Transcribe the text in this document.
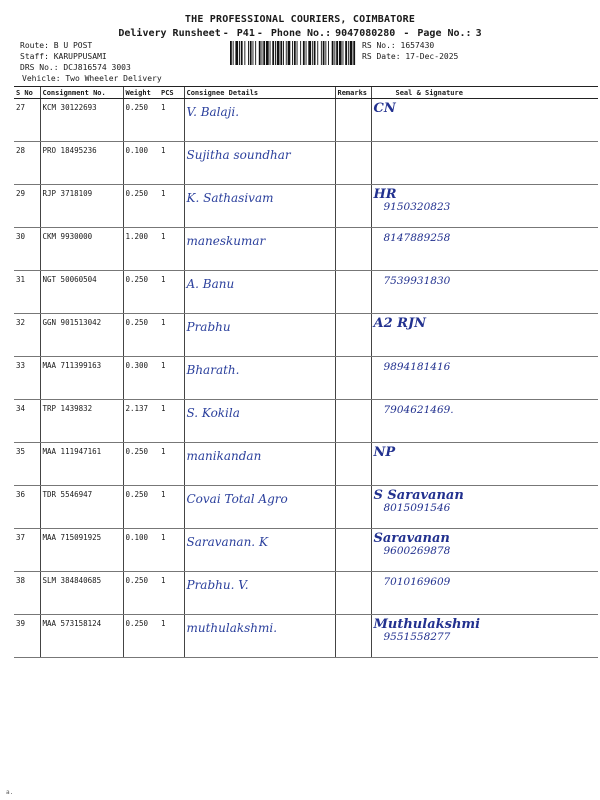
THE PROFESSIONAL COURIERS, COIMBATORE
Delivery Runsheet - P41 - Phone No.: 9047080280 - Page No.: 3
Route: B U POST
Staff: KARUPPUSAMI
DRS No.: DCJ816574 3003
Vehicle: Two Wheeler Delivery
RS No.: 1657430
RS Date: 17-Dec-2025
S No	Consignment No.	Weight	PCS	Consignee Details	Remarks	Seal & Signature
27	KCM 30122693	0.250	1	V. Balaji.		CN

28	PRO 18495236	0.100	1	Sujitha soundhar		

29	RJP 3718109	0.250	1	K. Sathasivam		HR
9150320823

30	CKM 9930000	1.200	1	maneskumar		8147889258

31	NGT 50060504	0.250	1	A. Banu		7539931830

32	GGN 901513042	0.250	1	Prabhu		A2 RJN

33	MAA 711399163	0.300	1	Bharath.		9894181416

34	TRP 1439832	2.137	1	S. Kokila		7904621469.

35	MAA 111947161	0.250	1	manikandan		NP

36	TDR 5546947	0.250	1	Covai Total Agro		S Saravanan
8015091546

37	MAA 715091925	0.100	1	Saravanan. K		Saravanan
9600269878

38	SLM 384840685	0.250	1	Prabhu. V.		7010169609

39	MAA 573158124	0.250	1	muthulakshmi.		Muthulakshmi
9551558277
a.
